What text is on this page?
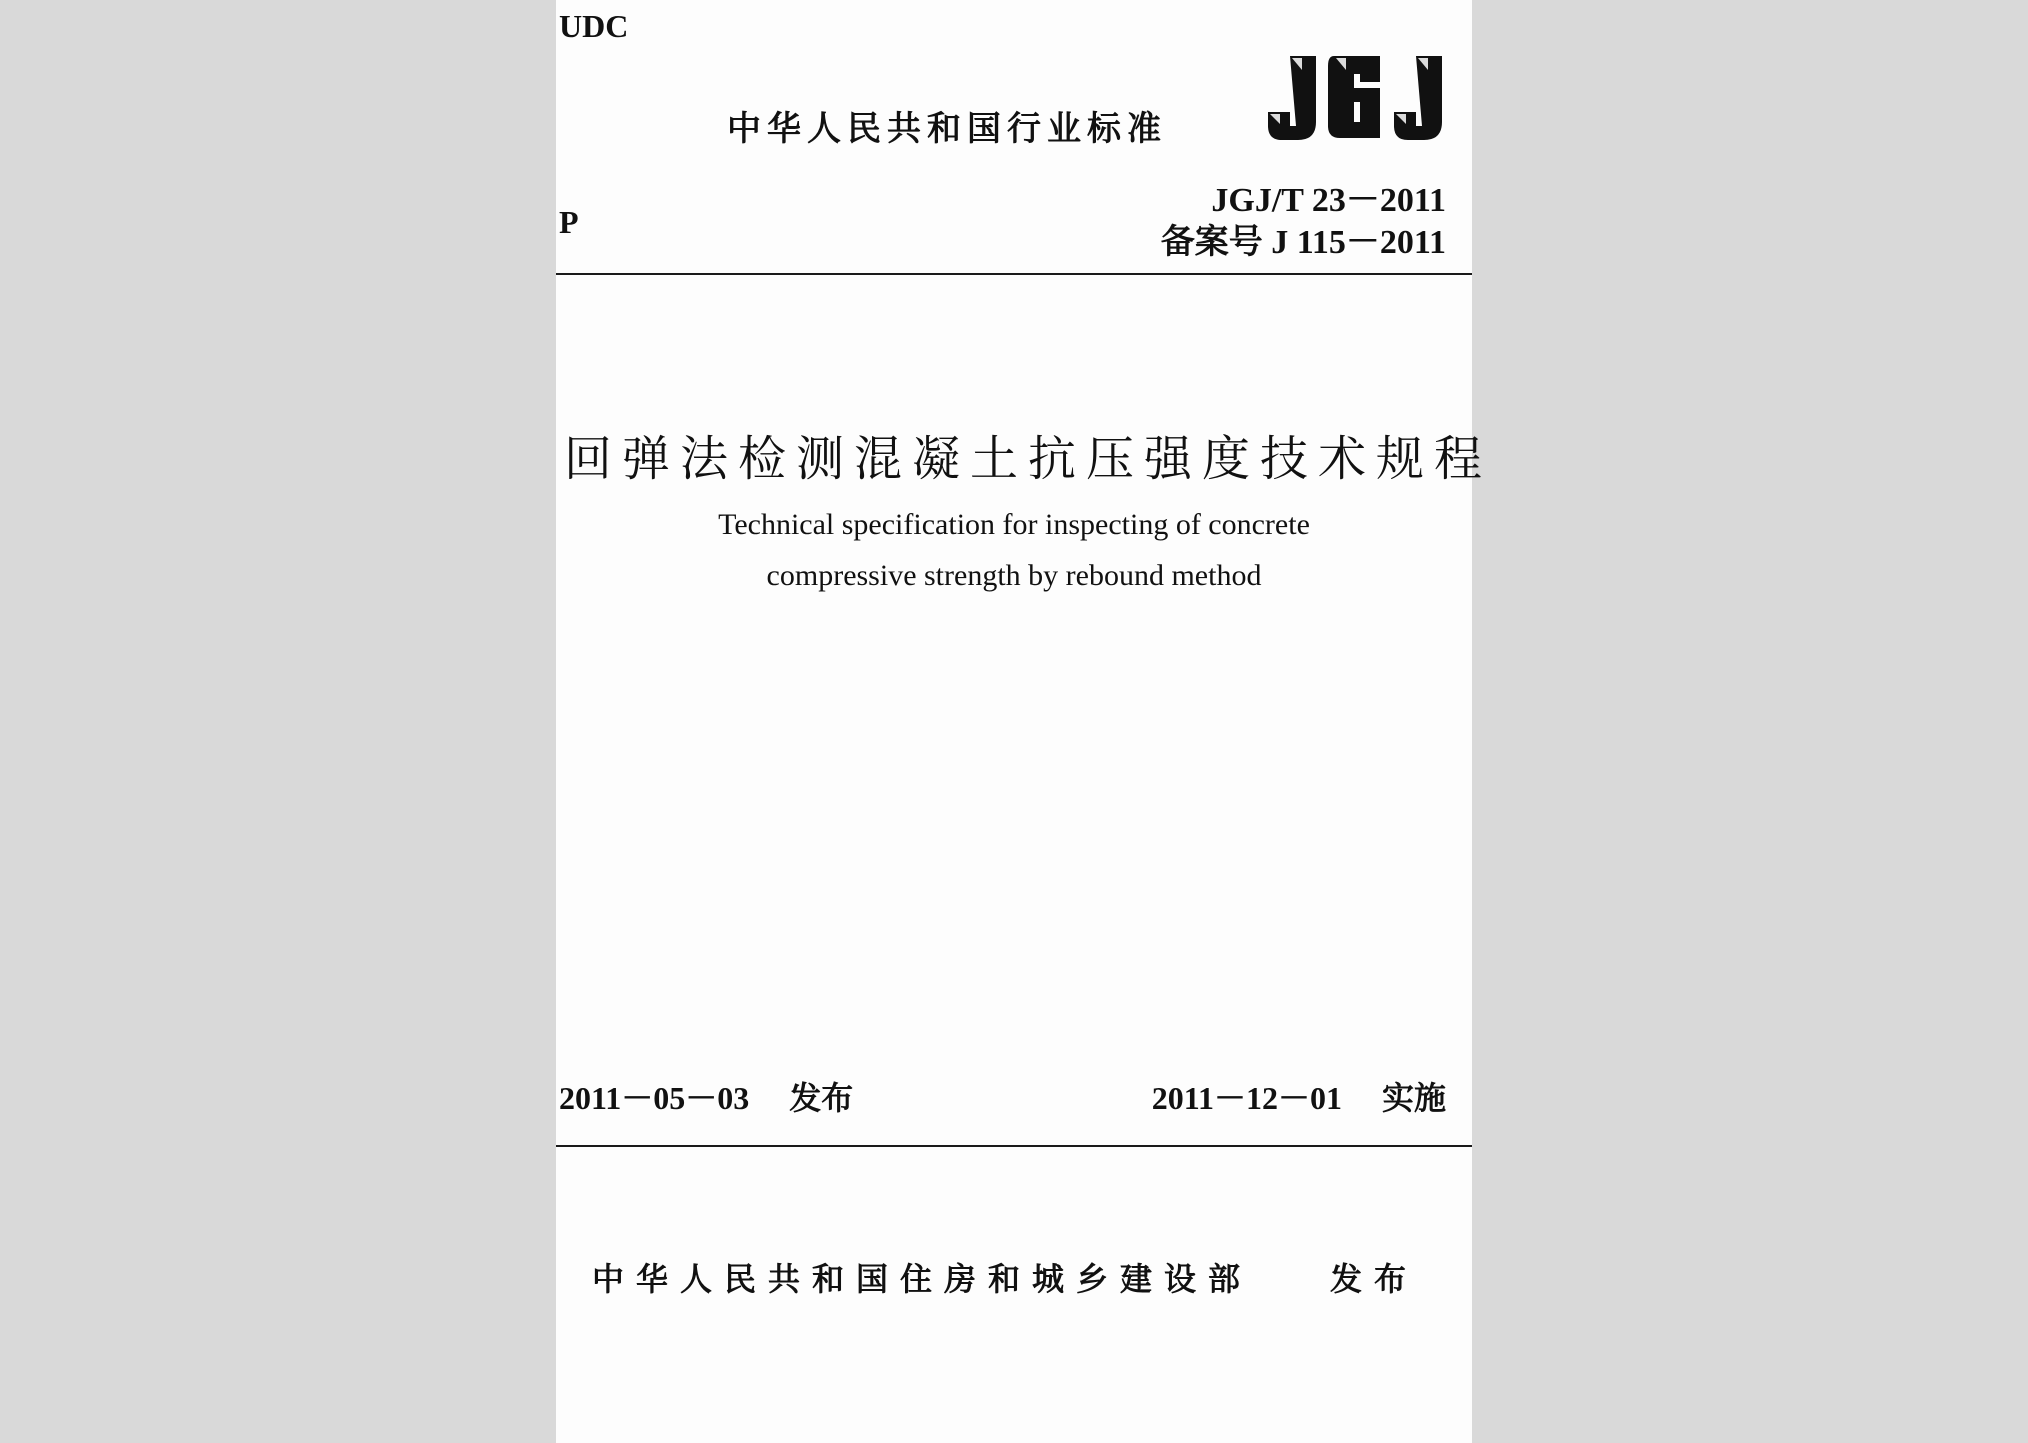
UDC
中华人民共和国行业标准
JGJ/T 23－2011
备案号 J 115－2011
P
回弹法检测混凝土抗压强度技术规程
Technical specification for inspecting of concrete
compressive strength by rebound method
2011－05－03 发布	2011－12－01 实施
中华人民共和国住房和城乡建设部 发布
